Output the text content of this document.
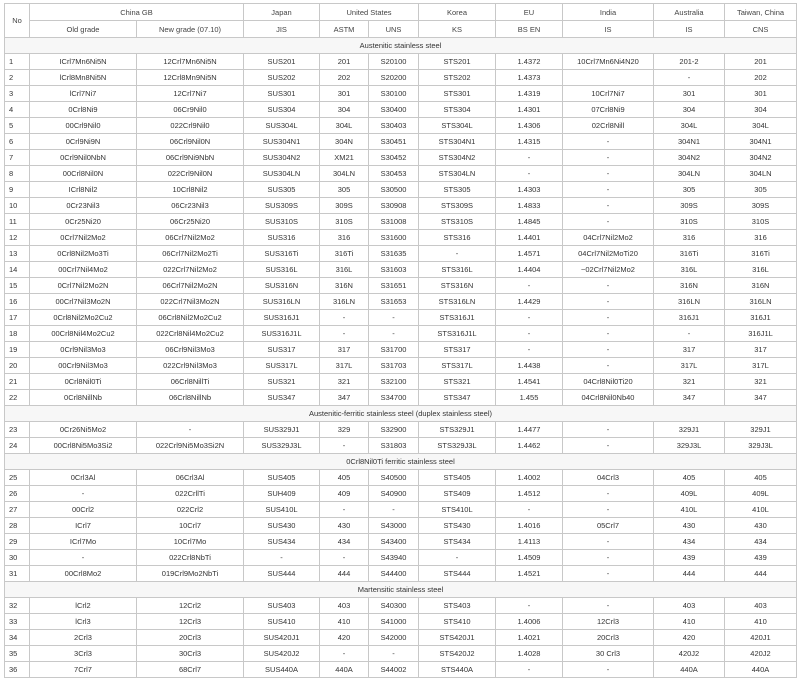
No	China GB		Japan	United States		Korea	EU	India	Australia	Taiwan, China
	Old grade	New grade (07.10)	JIS	ASTM	UNS	KS	BS EN	IS	IS	CNS
Austenitic stainless steel										
1	ICrl7Mn6Ni5N	12Crl7Mn6Ni5N	SUS201	201	S20100	STS201	1.4372	10Crl7Mn6Ni4N20	201-2	201
2	lCrl8Mn8Ni5N	12Crl8Mn9Ni5N	SUS202	202	S20200	STS202	1.4373		-	202
3	lCrl7Ni7	12Crl7Ni7	SUS301	301	S30100	STS301	1.4319	10Crl7Ni7	301	301
4	0Crl8Ni9	06Cr9Nil0	SUS304	304	S30400	STS304	1.4301	07Crl8Ni9	304	304
5	00Crl9Nil0	022Crl9Nil0	SUS304L	304L	S30403	STS304L	1.4306	02Crl8Nill	304L	304L
6	0Crl9Ni9N	06Crl9Nil0N	SUS304N1	304N	S30451	STS304N1	1.4315	-	304N1	304N1
7	0Crl9Nil0NbN	06Crl9Ni9NbN	SUS304N2	XM21	S30452	STS304N2	-	-	304N2	304N2
8	00Crl8Nil0N	022Crl9Nil0N	SUS304LN	304LN	S30453	STS304LN	-	-	304LN	304LN
9	ICrl8Nil2	10Crl8Nil2	SUS305	305	S30500	STS305	1.4303	-	305	305
10	0Cr23Nil3	06Cr23Nil3	SUS309S	309S	S30908	STS309S	1.4833	-	309S	309S
11	0Cr25Ni20	06Cr25Ni20	SUS310S	310S	S31008	STS310S	1.4845	-	310S	310S
12	0Crl7Nil2Mo2	06Crl7Nil2Mo2	SUS316	316	S31600	STS316	1.4401	04Crl7Nil2Mo2	316	316
13	0Crl8Nil2Mo3Ti	06Crl7Nil2Mo2Ti	SUS316Ti	316Ti	S31635	-	1.4571	04Crl7Nil2MoTi20	316Ti	316Ti
14	00Crl7Nil4Mo2	022Crl7Nil2Mo2	SUS316L	316L	S31603	STS316L	1.4404	~02Crl7Nil2Mo2	316L	316L
15	0Crl7Nil2Mo2N	06Crl7Nil2Mo2N	SUS316N	316N	S31651	STS316N	-	-	316N	316N
16	00Crl7Nil3Mo2N	022Crl7Nil3Mo2N	SUS316LN	316LN	S31653	STS316LN	1.4429	-	316LN	316LN
17	0Crl8Nil2Mo2Cu2	06Crl8Nil2Mo2Cu2	SUS316J1	-	-	STS316J1	-	-	316J1	316J1
18	00Crl8Nil4Mo2Cu2	022Crl8Nil4Mo2Cu2	SUS316J1L	-	-	STS316J1L	-	-	-	316J1L
19	0Crl9Nil3Mo3	06Crl9Nil3Mo3	SUS317	317	S31700	STS317	-	-	317	317
20	00Crl9Nil3Mo3	022Crl9Nil3Mo3	SUS317L	317L	S31703	STS317L	1.4438	-	317L	317L
21	0Crl8Nil0Ti	06Crl8NillTi	SUS321	321	S32100	STS321	1.4541	04Crl8Nil0Ti20	321	321
22	0Crl8NillNb	06Crl8NillNb	SUS347	347	S34700	STS347	1.455	04Crl8Nil0Nb40	347	347
Austenitic-ferritic stainless steel (duplex stainless steel)										
23	0Cr26Ni5Mo2	-	SUS329J1	329	S32900	STS329J1	1.4477	-	329J1	329J1
24	00Crl8Ni5Mo3Si2	022Crl9Ni5Mo3Si2N	SUS329J3L	-	S31803	STS329J3L	1.4462	-	329J3L	329J3L
0Crl8Nil0Ti ferritic stainless steel										
25	0Crl3Al	06Crl3Al	SUS405	405	S40500	STS405	1.4002	04Crl3	405	405
26	-	022CrllTi	SUH409	409	S40900	STS409	1.4512	-	409L	409L
27	00Crl2	022Crl2	SUS410L	-	-	STS410L	-	-	410L	410L
28	ICrl7	10Crl7	SUS430	430	S43000	STS430	1.4016	05Crl7	430	430
29	ICrl7Mo	10Crl7Mo	SUS434	434	S43400	STS434	1.4113	-	434	434
30	-	022Crl8NbTi	-	-	S43940	-	1.4509	-	439	439
31	00Crl8Mo2	019Crl9Mo2NbTi	SUS444	444	S44400	STS444	1.4521	-	444	444
Martensitic stainless steel										
32	lCrl2	12Crl2	SUS403	403	S40300	STS403	-	-	403	403
33	lCrl3	12Crl3	SUS410	410	S41000	STS410	1.4006	12Crl3	410	410
34	2Crl3	20Crl3	SUS420J1	420	S42000	STS420J1	1.4021	20Crl3	420	420J1
35	3Crl3	30Crl3	SUS420J2	-	-	STS420J2	1.4028	30 Crl3	420J2	420J2
36	7Crl7	68Crl7	SUS440A	440A	S44002	STS440A	-	-	440A	440A
